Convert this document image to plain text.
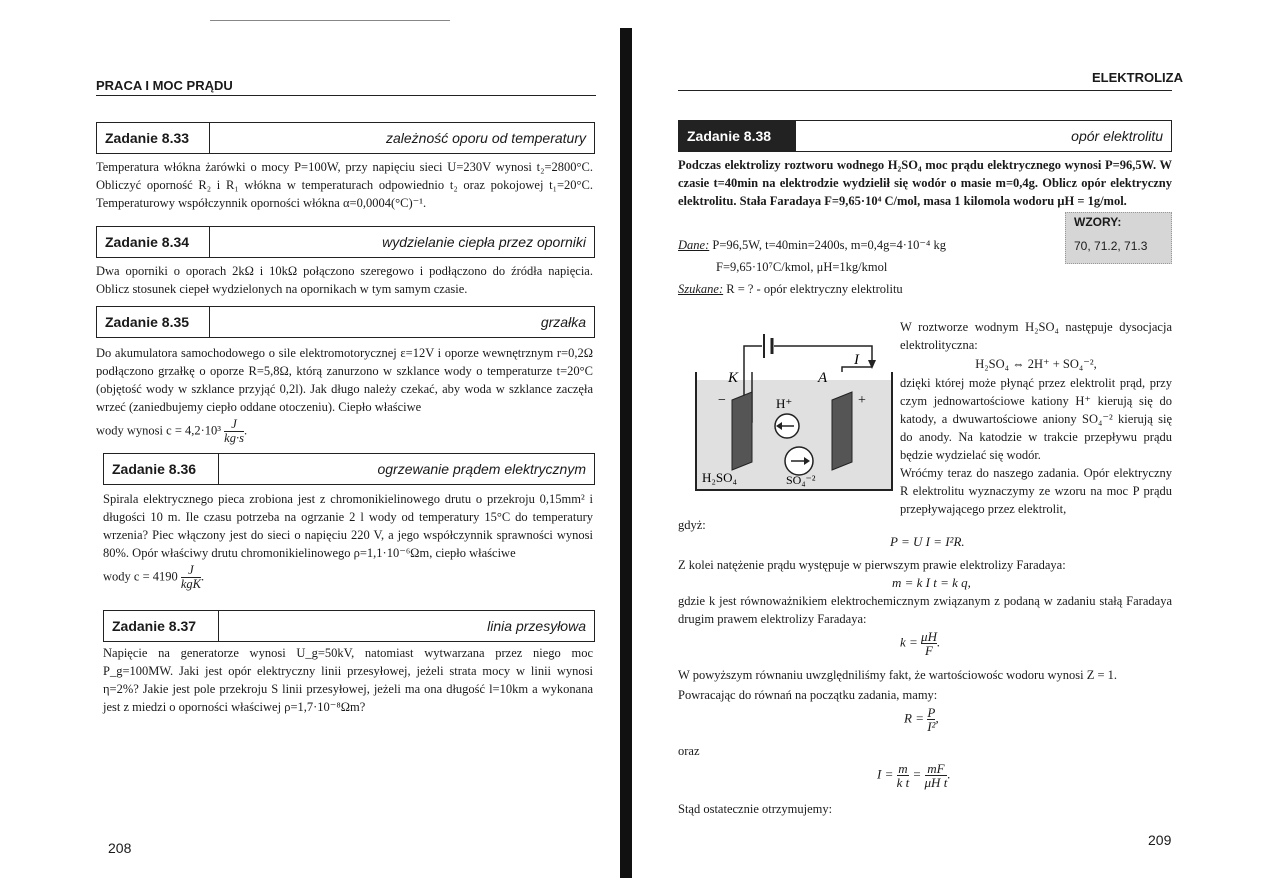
PRACA I MOC PRĄDU
Zadanie 8.33	zależność oporu od temperatury

Temperatura włókna żarówki o mocy P=100W, przy napięciu sieci U=230V wynosi t₂=2800°C. Obliczyć oporność R₂ i R₁ włókna w temperaturach odpowiednio t₂ oraz pokojowej t₁=20°C. Temperaturowy współczynnik oporności włókna α=0,0004(°C)⁻¹.

Zadanie 8.34	wydzielanie ciepła przez oporniki

Dwa oporniki o oporach 2kΩ i 10kΩ połączono szeregowo i podłączono do źródła napięcia. Oblicz stosunek ciepeł wydzielonych na opornikach w tym samym czasie.

Zadanie 8.35	grzałka

Do akumulatora samochodowego o sile elektromotorycznej ε=12V i oporze wewnętrznym r=0,2Ω podłączono grzałkę o oporze R=5,8Ω, którą zanurzono w szklance wody o temperaturze t=20°C (objętość wody w szklance przyjąć 0,2l). Jak długo należy czekać, aby woda w szklance zaczęła wrzeć (zaniedbujemy ciepło oddane otoczeniu). Ciepło właściwe

wody wynosi $c = 4,2\cdot 10^3 \frac{J}{kg\cdot s}$ .

Zadanie 8.36	ogrzewanie prądem elektrycznym

Spirala elektrycznego pieca zrobiona jest z chromonikielinowego drutu o przekroju 0,15mm² i długości 10 m. Ile czasu potrzeba na ogrzanie 2 l wody od temperatury 15°C do temperatury wrzenia? Piec włączony jest do sieci o napięciu 220 V, a jego współczynnik sprawności wynosi 80%. Opór właściwy drutu chromonikielinowego ρ=1,1·10⁻⁶Ωm, ciepło właściwe

wody $c = 4190 \frac{J}{\text{kgK}}$ .

Zadanie 8.37	linia przesyłowa

Napięcie na generatorze wynosi U_g=50kV, natomiast wytwarzana przez niego moc P_g=100MW. Jaki jest opór elektryczny linii przesyłowej, jeżeli strata mocy w linii wynosi η=2%? Jakie jest pole przekroju S linii przesyłowej, jeżeli ma ona długość l=10km a wykonana jest z miedzi o oporności właściwej ρ=1,7·10⁻⁸Ωm?

208
ELEKTROLIZA
Zadanie 8.38	opór elektrolitu

Podczas elektrolizy roztworu wodnego H₂SO₄ moc prądu elektrycznego wynosi P=96,5W. W czasie t=40min na elektrodzie wydzielił się wodór o masie m=0,4g. Oblicz opór elektryczny elektrolitu. Stała Faradaya F=9,65·10⁴ C/mol, masa 1 kilomola wodoru μH = 1g/mol.

WZORY:
70, 71.2, 71.3

Dane: P=96,5W, t=40min=2400s, m=0,4g=4·10⁻⁴ kg

F=9,65·10⁷C/kmol, μH=1kg/kmol

Szukane: R = ? - opór elektryczny elektrolitu

K	A
I
H⁺
SO₄⁻²
H₂SO₄
−	+

W roztworze wodnym H₂SO₄ następuje dysocjacja elektrolityczna:

H₂SO₄ ⇔ 2H⁺ + SO₄⁻²,

dzięki której może płynąć przez elektrolit prąd, przy czym jednowartościowe kationy H⁺ kierują się do katody, a dwuwartościowe aniony SO₄⁻² kierują się do anody. Na katodzie w trakcie przepływu prądu będzie wydzielać się wodór.

Wróćmy teraz do naszego zadania. Opór elektryczny R elektrolitu wyznaczymy ze wzoru na moc P prądu przepływającego przez elektrolit,

gdyż:
P = U I = I²R.
Z kolei natężenie prądu występuje w pierwszym prawie elektrolizy Faradaya:
m = k I t = k q,
gdzie k jest równoważnikiem elektrochemicznym związanym z podaną w zadaniu stałą Faradaya drugim prawem elektrolizy Faradaya:
$k = \frac{\mu H}{F}$ .
W powyższym równaniu uwzględniliśmy fakt, że wartościowośc wodoru wynosi Z = 1.
Powracając do równań na początku zadania, mamy:
$R = \frac{P}{\text{I²}}$ ,
oraz
$I = \frac{m}{\text{k t}} = \frac{mF}{\text{μH t}}$ .
Stąd ostatecznie otrzymujemy:
209
